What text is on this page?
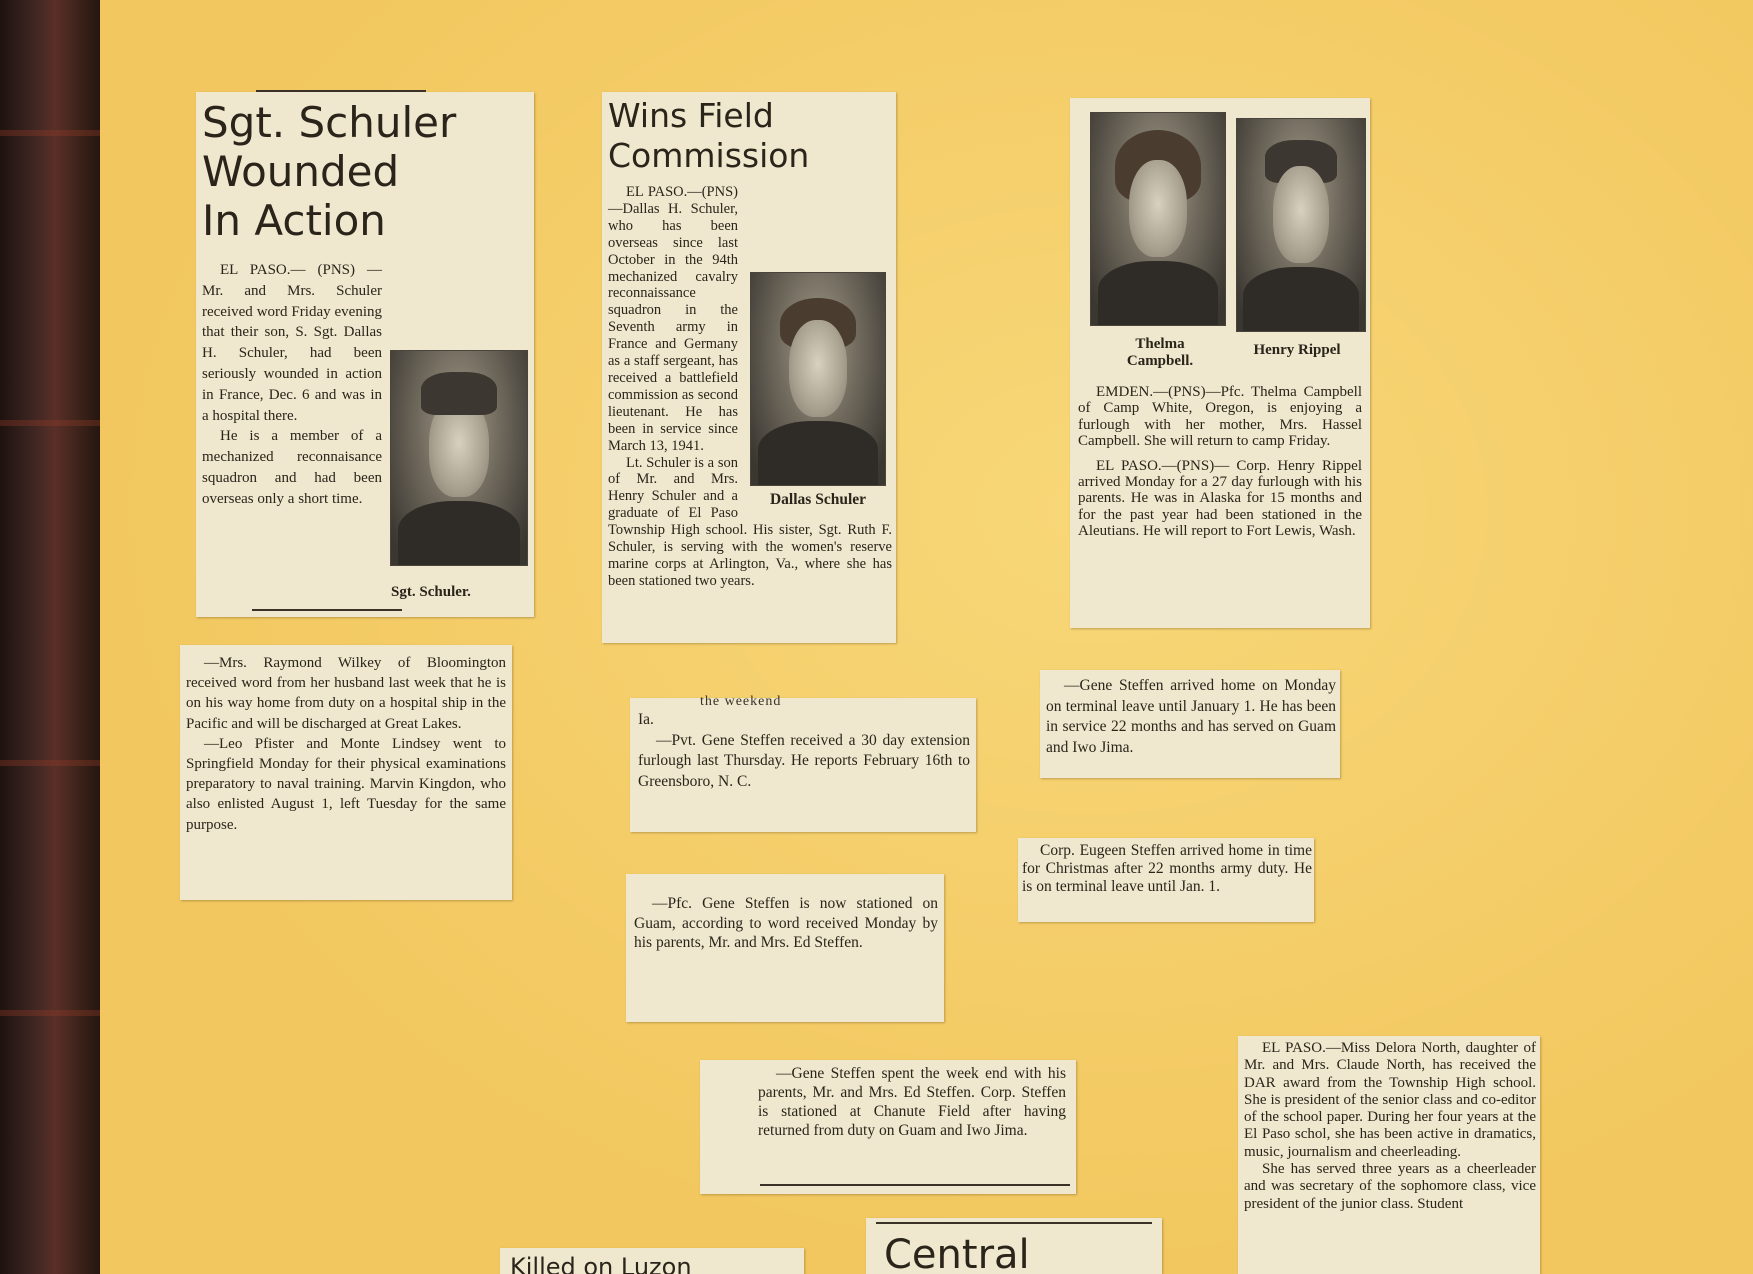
Sgt. Schuler
Wounded
In Action

EL PASO.— (PNS) — Mr. and Mrs. Schuler received word Friday evening that their son, S. Sgt. Dallas H. Schuler, had been seriously wounded in action in France, Dec. 6 and was in a hospital there.

He is a member of a mechanized reconnaisance squadron and had been overseas only a short time.

Sgt. Schuler.
Wins Field
Commission
Dallas Schuler

EL PASO.—(PNS)—Dallas H. Schuler, who has been overseas since last October in the 94th mechanized cavalry reconnaissance squadron in the Seventh army in France and Germany as a staff sergeant, has received a battlefield commission as second lieutenant. He has been in service since March 13, 1941.

Lt. Schuler is a son of Mr. and Mrs. Henry Schuler and a graduate of El Paso Township High school. His sister, Sgt. Ruth F. Schuler, is serving with the women's reserve marine corps at Arlington, Va., where she has been stationed two years.

Thelma Campbell.
Henry Rippel

EMDEN.—(PNS)—Pfc. Thelma Campbell of Camp White, Oregon, is enjoying a furlough with her mother, Mrs. Hassel Campbell. She will return to camp Friday.

EL PASO.—(PNS)— Corp. Henry Rippel arrived Monday for a 27 day furlough with his parents. He was in Alaska for 15 months and for the past year had been stationed in the Aleutians. He will report to Fort Lewis, Wash.

—Mrs. Raymond Wilkey of Bloomington received word from her husband last week that he is on his way home from duty on a hospital ship in the Pacific and will be discharged at Great Lakes.

—Leo Pfister and Monte Lindsey went to Springfield Monday for their physical examinations preparatory to naval training. Marvin Kingdon, who also enlisted August 1, left Tuesday for the same purpose.

the weekend
Ia.

—Pvt. Gene Steffen received a 30 day extension furlough last Thursday. He reports February 16th to Greensboro, N. C.

—Gene Steffen arrived home on Monday on terminal leave until January 1. He has been in service 22 months and has served on Guam and Iwo Jima.

Corp. Eugeen Steffen arrived home in time for Christmas after 22 months army duty. He is on terminal leave until Jan. 1.

—Pfc. Gene Steffen is now stationed on Guam, according to word received Monday by his parents, Mr. and Mrs. Ed Steffen.

—Gene Steffen spent the week end with his parents, Mr. and Mrs. Ed Steffen. Corp. Steffen is stationed at Chanute Field after having returned from duty on Guam and Iwo Jima.

EL PASO.—Miss Delora North, daughter of Mr. and Mrs. Claude North, has received the DAR award from the Township High school. She is president of the senior class and co-editor of the school paper. During her four years at the El Paso schol, she has been active in dramatics, music, journalism and cheerleading.

She has served three years as a cheerleader and was secretary of the sophomore class, vice president of the junior class. Student

Killed on Luzon	Central
